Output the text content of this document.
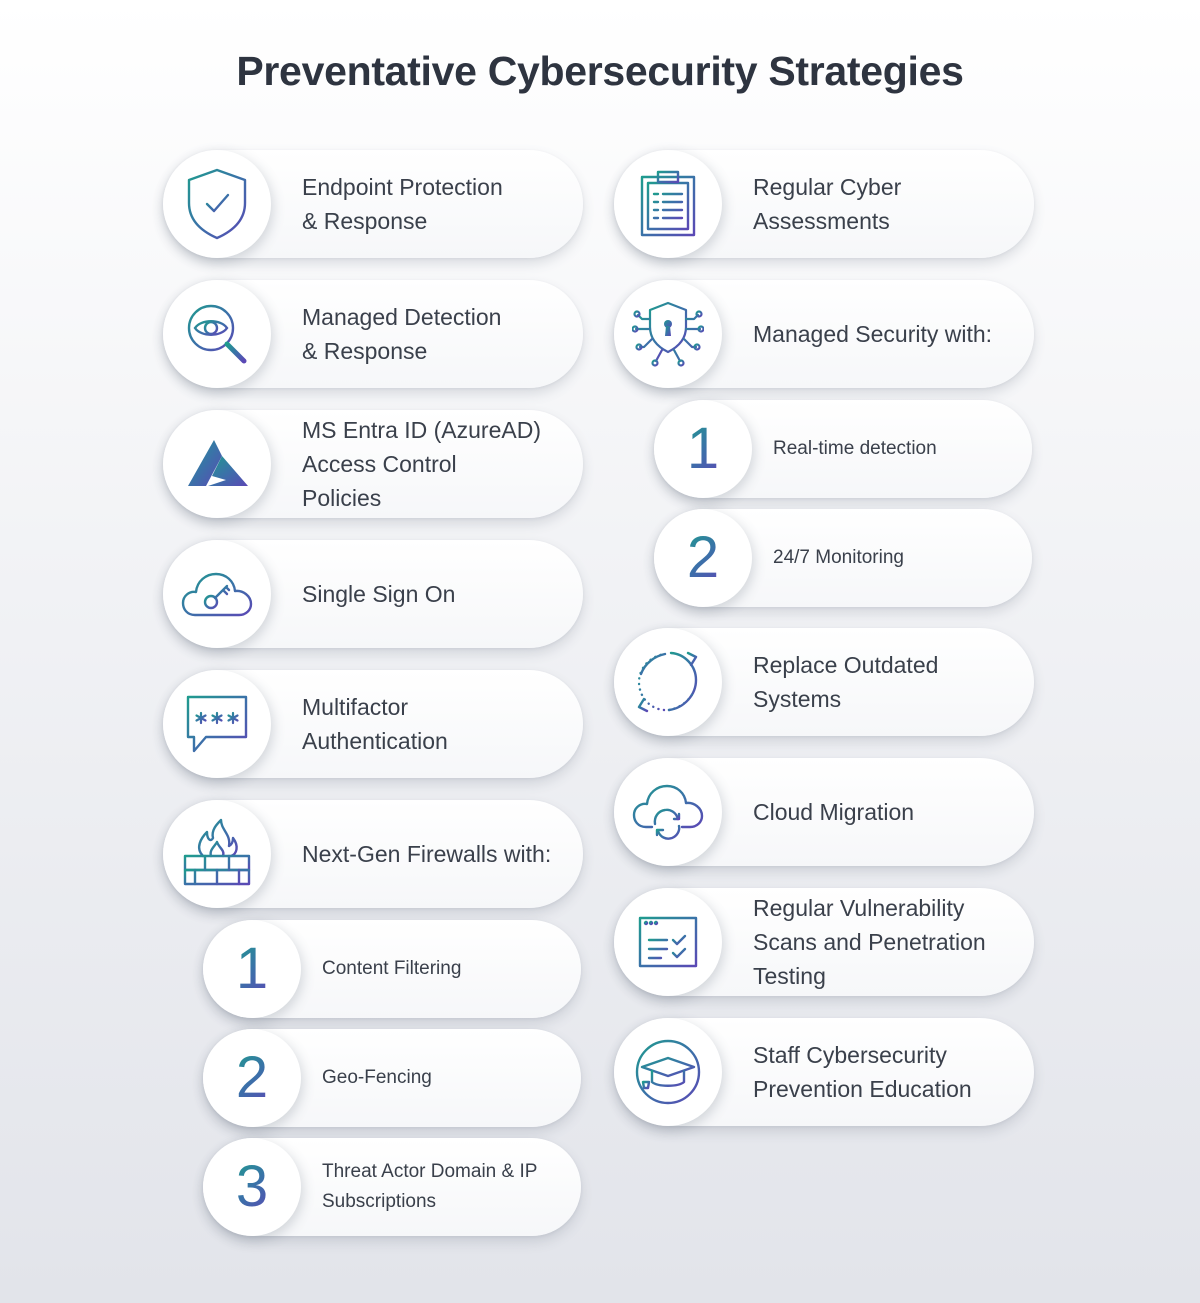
Preventative Cybersecurity Strategies
Endpoint Protection
& Response
Managed Detection
& Response
MS Entra ID (AzureAD)
Access Control
Policies
Single Sign On
Multifactor
Authentication
Next-Gen Firewalls with:
1	Content Filtering
2	Geo-Fencing
3	Threat Actor Domain & IP
Subscriptions
Regular Cyber
Assessments
Managed Security with:
1	Real-time detection
2	24/7 Monitoring
Replace Outdated
Systems
Cloud Migration
Regular Vulnerability
Scans and Penetration
Testing
Staff Cybersecurity
Prevention Education
